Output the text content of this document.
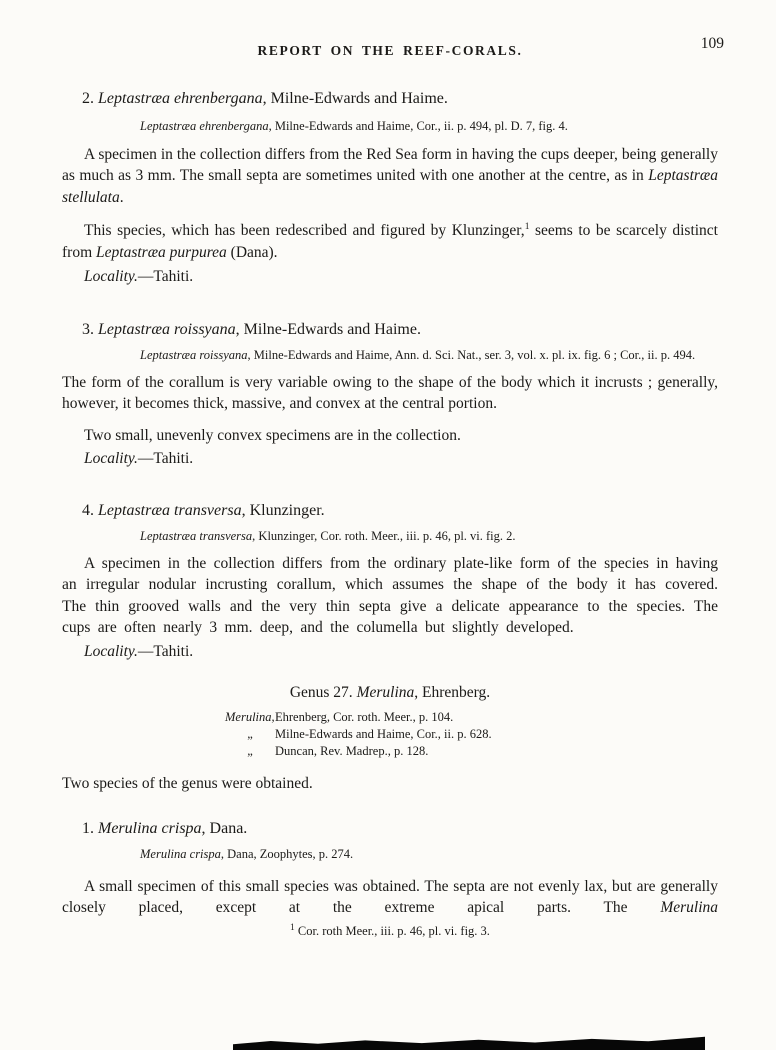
REPORT ON THE REEF-CORALS.	109
2. Leptastræa ehrenbergana, Milne-Edwards and Haime.
Leptastræa ehrenbergana, Milne-Edwards and Haime, Cor., ii. p. 494, pl. D. 7, fig. 4.
A specimen in the collection differs from the Red Sea form in having the cups deeper, being generally as much as 3 mm. The small septa are sometimes united with one another at the centre, as in Leptastræa stellulata.
This species, which has been redescribed and figured by Klunzinger,$^1$ seems to be scarcely distinct from Leptastræa purpurea (Dana).
Locality.—Tahiti.
3. Leptastræa roissyana, Milne-Edwards and Haime.
Leptastræa roissyana, Milne-Edwards and Haime, Ann. d. Sci. Nat., ser. 3, vol. x. pl. ix. fig. 6 ; Cor., ii. p. 494.
The form of the corallum is very variable owing to the shape of the body which it incrusts ; generally, however, it becomes thick, massive, and convex at the central portion.
Two small, unevenly convex specimens are in the collection.
Locality.—Tahiti.
4. Leptastræa transversa, Klunzinger.
Leptastræa transversa, Klunzinger, Cor. roth. Meer., iii. p. 46, pl. vi. fig. 2.
A specimen in the collection differs from the ordinary plate-like form of the species in having an irregular nodular incrusting corallum, which assumes the shape of the body it has covered. The thin grooved walls and the very thin septa give a delicate appearance to the species. The cups are often nearly 3 mm. deep, and the columella but slightly developed.
Locality.—Tahiti.
Genus 27. Merulina, Ehrenberg.
Merulina, Ehrenberg, Cor. roth. Meer., p. 104.
„	Milne-Edwards and Haime, Cor., ii. p. 628.
„	Duncan, Rev. Madrep., p. 128.
Two species of the genus were obtained.
1. Merulina crispa, Dana.
Merulina crispa, Dana, Zoophytes, p. 274.
A small specimen of this small species was obtained. The septa are not evenly lax, but are generally closely placed, except at the extreme apical parts. The Merulina
$^1$ Cor. roth Meer., iii. p. 46, pl. vi. fig. 3.
